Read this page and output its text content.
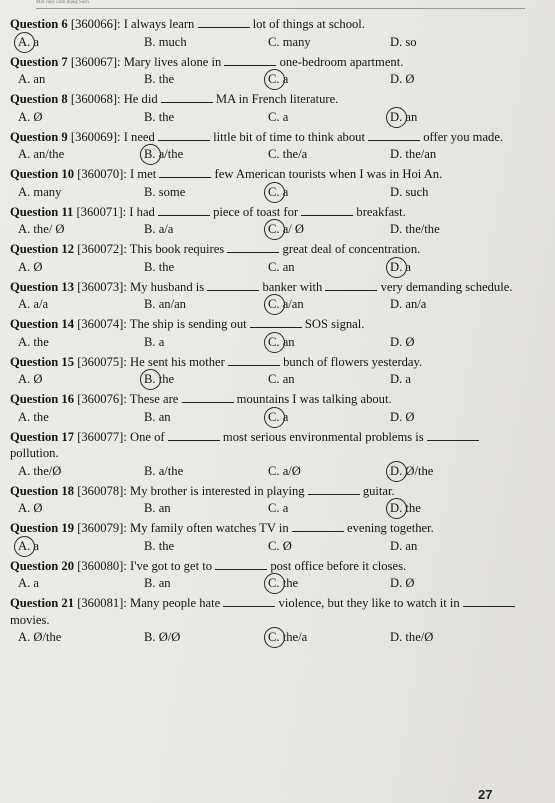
Một cuộc cách mạng Sách
Question 6 [360066]: I always learn	lot of things at school.
A. a	B. much	C. many	D. so
Question 7 [360067]: Mary lives alone in	one-bedroom apartment.
A. an	B. the	C. a	D. Ø
Question 8 [360068]: He did	MA in French literature.
A. Ø	B. the	C. a	D. an
Question 9 [360069]: I need	little bit of time to think about	offer you made.
A. an/the	B. a/the	C. the/a	D. the/an
Question 10 [360070]: I met	few American tourists when I was in Hoi An.
A. many	B. some	C. a	D. such
Question 11 [360071]: I had	piece of toast for	breakfast.
A. the/ Ø	B. a/a	C. a/ Ø	D. the/the
Question 12 [360072]: This book requires	great deal of concentration.
A. Ø	B. the	C. an	D. a
Question 13 [360073]: My husband is	banker with	very demanding schedule.
A. a/a	B. an/an	C. a/an	D. an/a
Question 14 [360074]: The ship is sending out	SOS signal.
A. the	B. a	C. an	D. Ø
Question 15 [360075]: He sent his mother	bunch of flowers yesterday.
A. Ø	B. the	C. an	D. a
Question 16 [360076]: These are	mountains I was talking about.
A. the	B. an	C. a	D. Ø
Question 17 [360077]: One of	most serious environmental problems is  pollution.
A. the/Ø	B. a/the	C. a/Ø	D. Ø/the
Question 18 [360078]: My brother is interested in playing	guitar.
A. Ø	B. an	C. a	D. the
Question 19 [360079]: My family often watches TV in	evening together.
A. a	B. the	C. Ø	D. an
Question 20 [360080]: I've got to get to	post office before it closes.
A. a	B. an	C. the	D. Ø
Question 21 [360081]: Many people hate	violence, but they like to watch it in  movies.
A. Ø/the	B. Ø/Ø	C. the/a	D. the/Ø
27
